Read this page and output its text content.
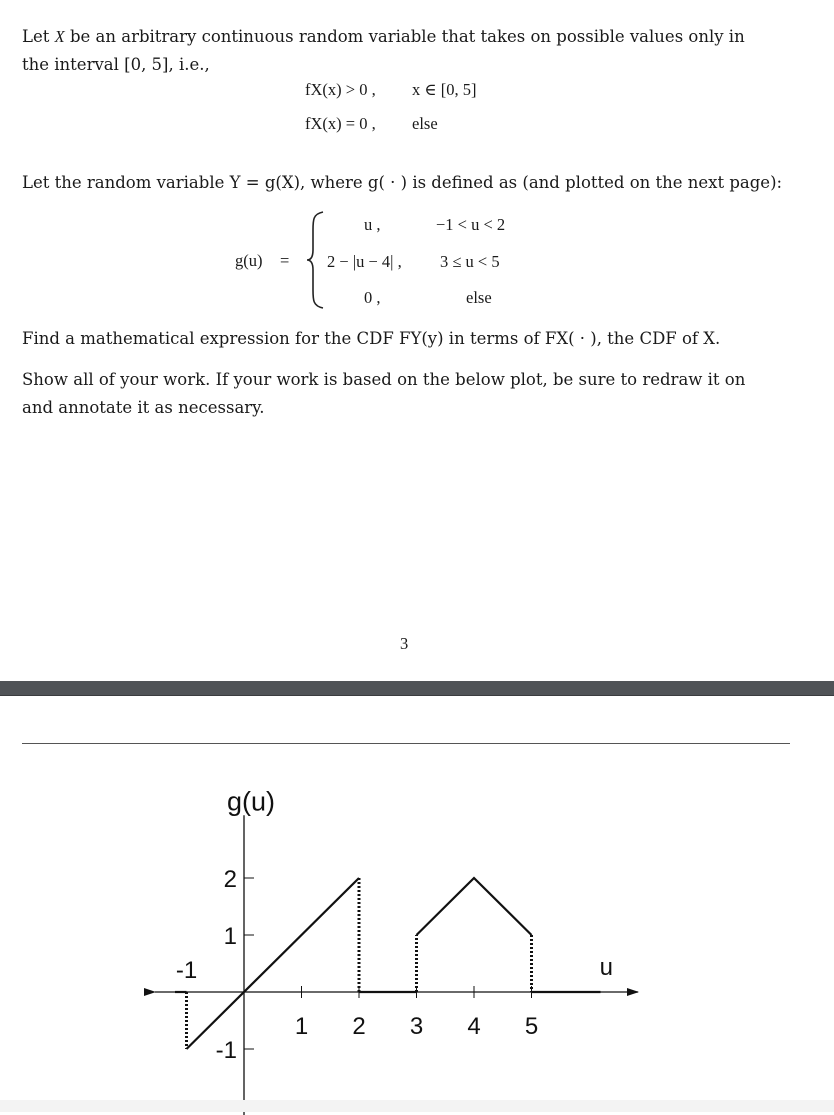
Let X be an arbitrary continuous random variable that takes on possible values only in the interval [0, 5], i.e.,

fX(x) > 0 , x ∈ [0, 5]
fX(x) = 0 , else

Let the random variable Y = g(X), where g( · ) is defined as (and plotted on the next page):

g(u) =
u ,	−1 < u < 2
2 − |u − 4| , 3 ≤ u < 5
0 ,	else

Find a mathematical expression for the CDF FY(y) in terms of FX( · ), the CDF of X.

Show all of your work. If your work is based on the below plot, be sure to redraw it on and annotate it as necessary.

3
1 2 3 4 5
-1
2
1
-1
g(u)
u
